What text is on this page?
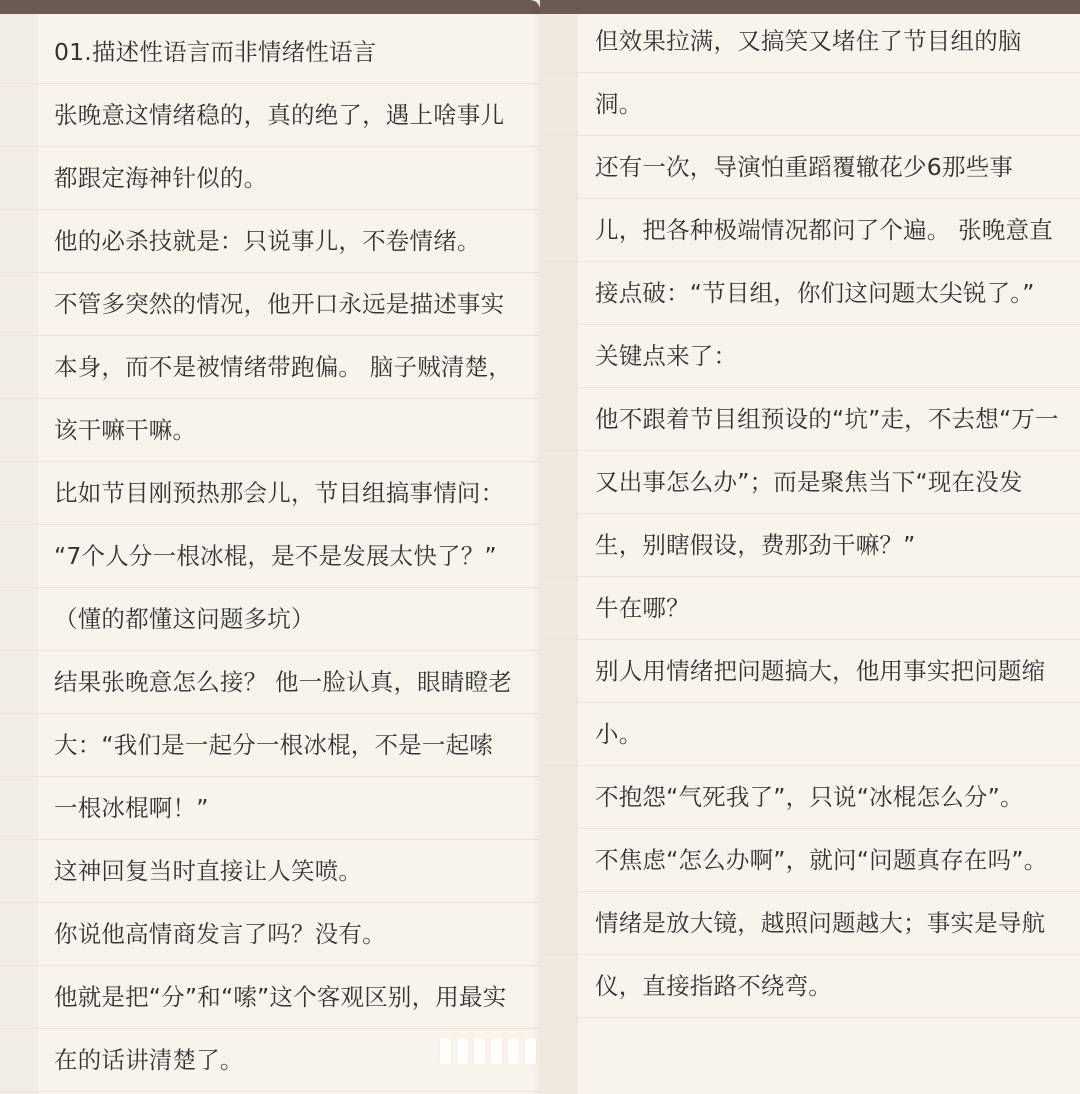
01.描述性语言而非情绪性语言
张晚意这情绪稳的，真的绝了，遇上啥事儿
都跟定海神针似的。
他的必杀技就是：只说事儿，不卷情绪。
不管多突然的情况，他开口永远是描述事实
本身，而不是被情绪带跑偏。 脑子贼清楚，
该干嘛干嘛。
比如节目刚预热那会儿，节目组搞事情问：
“7个人分一根冰棍，是不是发展太快了？”
（懂的都懂这问题多坑）
结果张晚意怎么接？ 他一脸认真，眼睛瞪老
大：“我们是一起分一根冰棍，不是一起嗦
一根冰棍啊！”
这神回复当时直接让人笑喷。
你说他高情商发言了吗？没有。
他就是把“分”和“嗦”这个客观区别，用最实
在的话讲清楚了。
但效果拉满，又搞笑又堵住了节目组的脑
洞。
还有一次，导演怕重蹈覆辙花少6那些事
儿，把各种极端情况都问了个遍。 张晚意直
接点破：“节目组，你们这问题太尖锐了。”
关键点来了：
他不跟着节目组预设的“坑”走，不去想“万一
又出事怎么办”；而是聚焦当下“现在没发
生，别瞎假设，费那劲干嘛？”
牛在哪？
别人用情绪把问题搞大，他用事实把问题缩
小。
不抱怨“气死我了”，只说“冰棍怎么分”。
不焦虑“怎么办啊”，就问“问题真存在吗”。
情绪是放大镜，越照问题越大；事实是导航
仪，直接指路不绕弯。
